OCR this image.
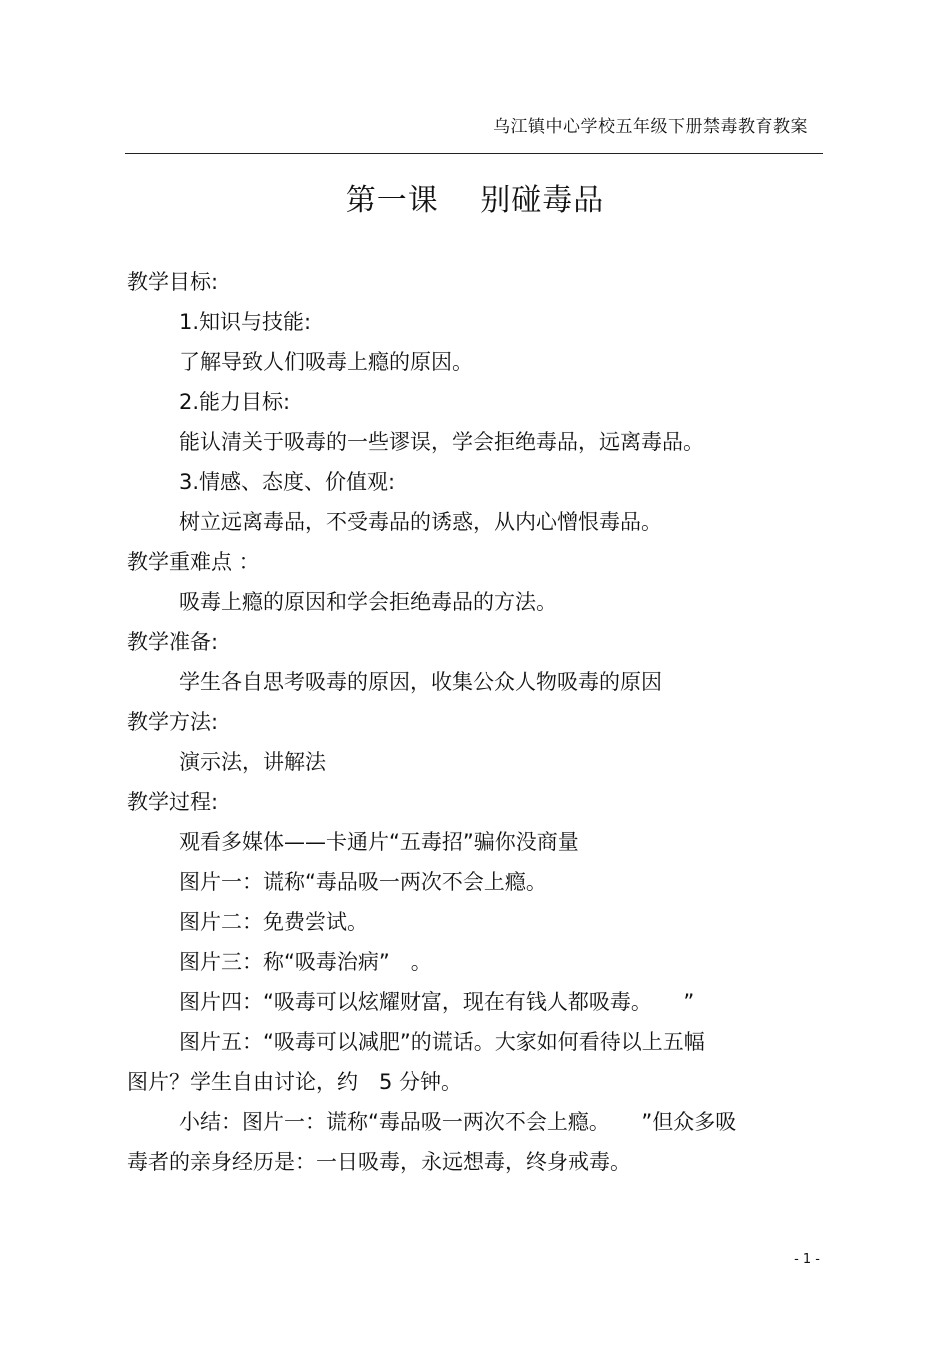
乌江镇中心学校五年级下册禁毒教育教案
第一课　 别碰毒品
教学目标:
1.知识与技能:
了解导致人们吸毒上瘾的原因。
2.能力目标:
能认清关于吸毒的一些谬误，学会拒绝毒品，远离毒品。
3.情感、态度、价值观:
树立远离毒品，不受毒品的诱惑，从内心憎恨毒品。
教学重难点 ：
吸毒上瘾的原因和学会拒绝毒品的方法。
教学准备:
学生各自思考吸毒的原因，收集公众人物吸毒的原因
教学方法:
演示法，讲解法
教学过程:
观看多媒体——卡通片“五毒招”骗你没商量
图片一：谎称“毒品吸一两次不会上瘾。
图片二：免费尝试。
图片三：称“吸毒治病”　。
图片四：“吸毒可以炫耀财富，现在有钱人都吸毒。　　”
图片五：“吸毒可以减肥”的谎话。大家如何看待以上五幅
图片？学生自由讨论，约　5 分钟。
小结：图片一：谎称“毒品吸一两次不会上瘾。　　”但众多吸
毒者的亲身经历是：一日吸毒，永远想毒，终身戒毒。
- 1 -
